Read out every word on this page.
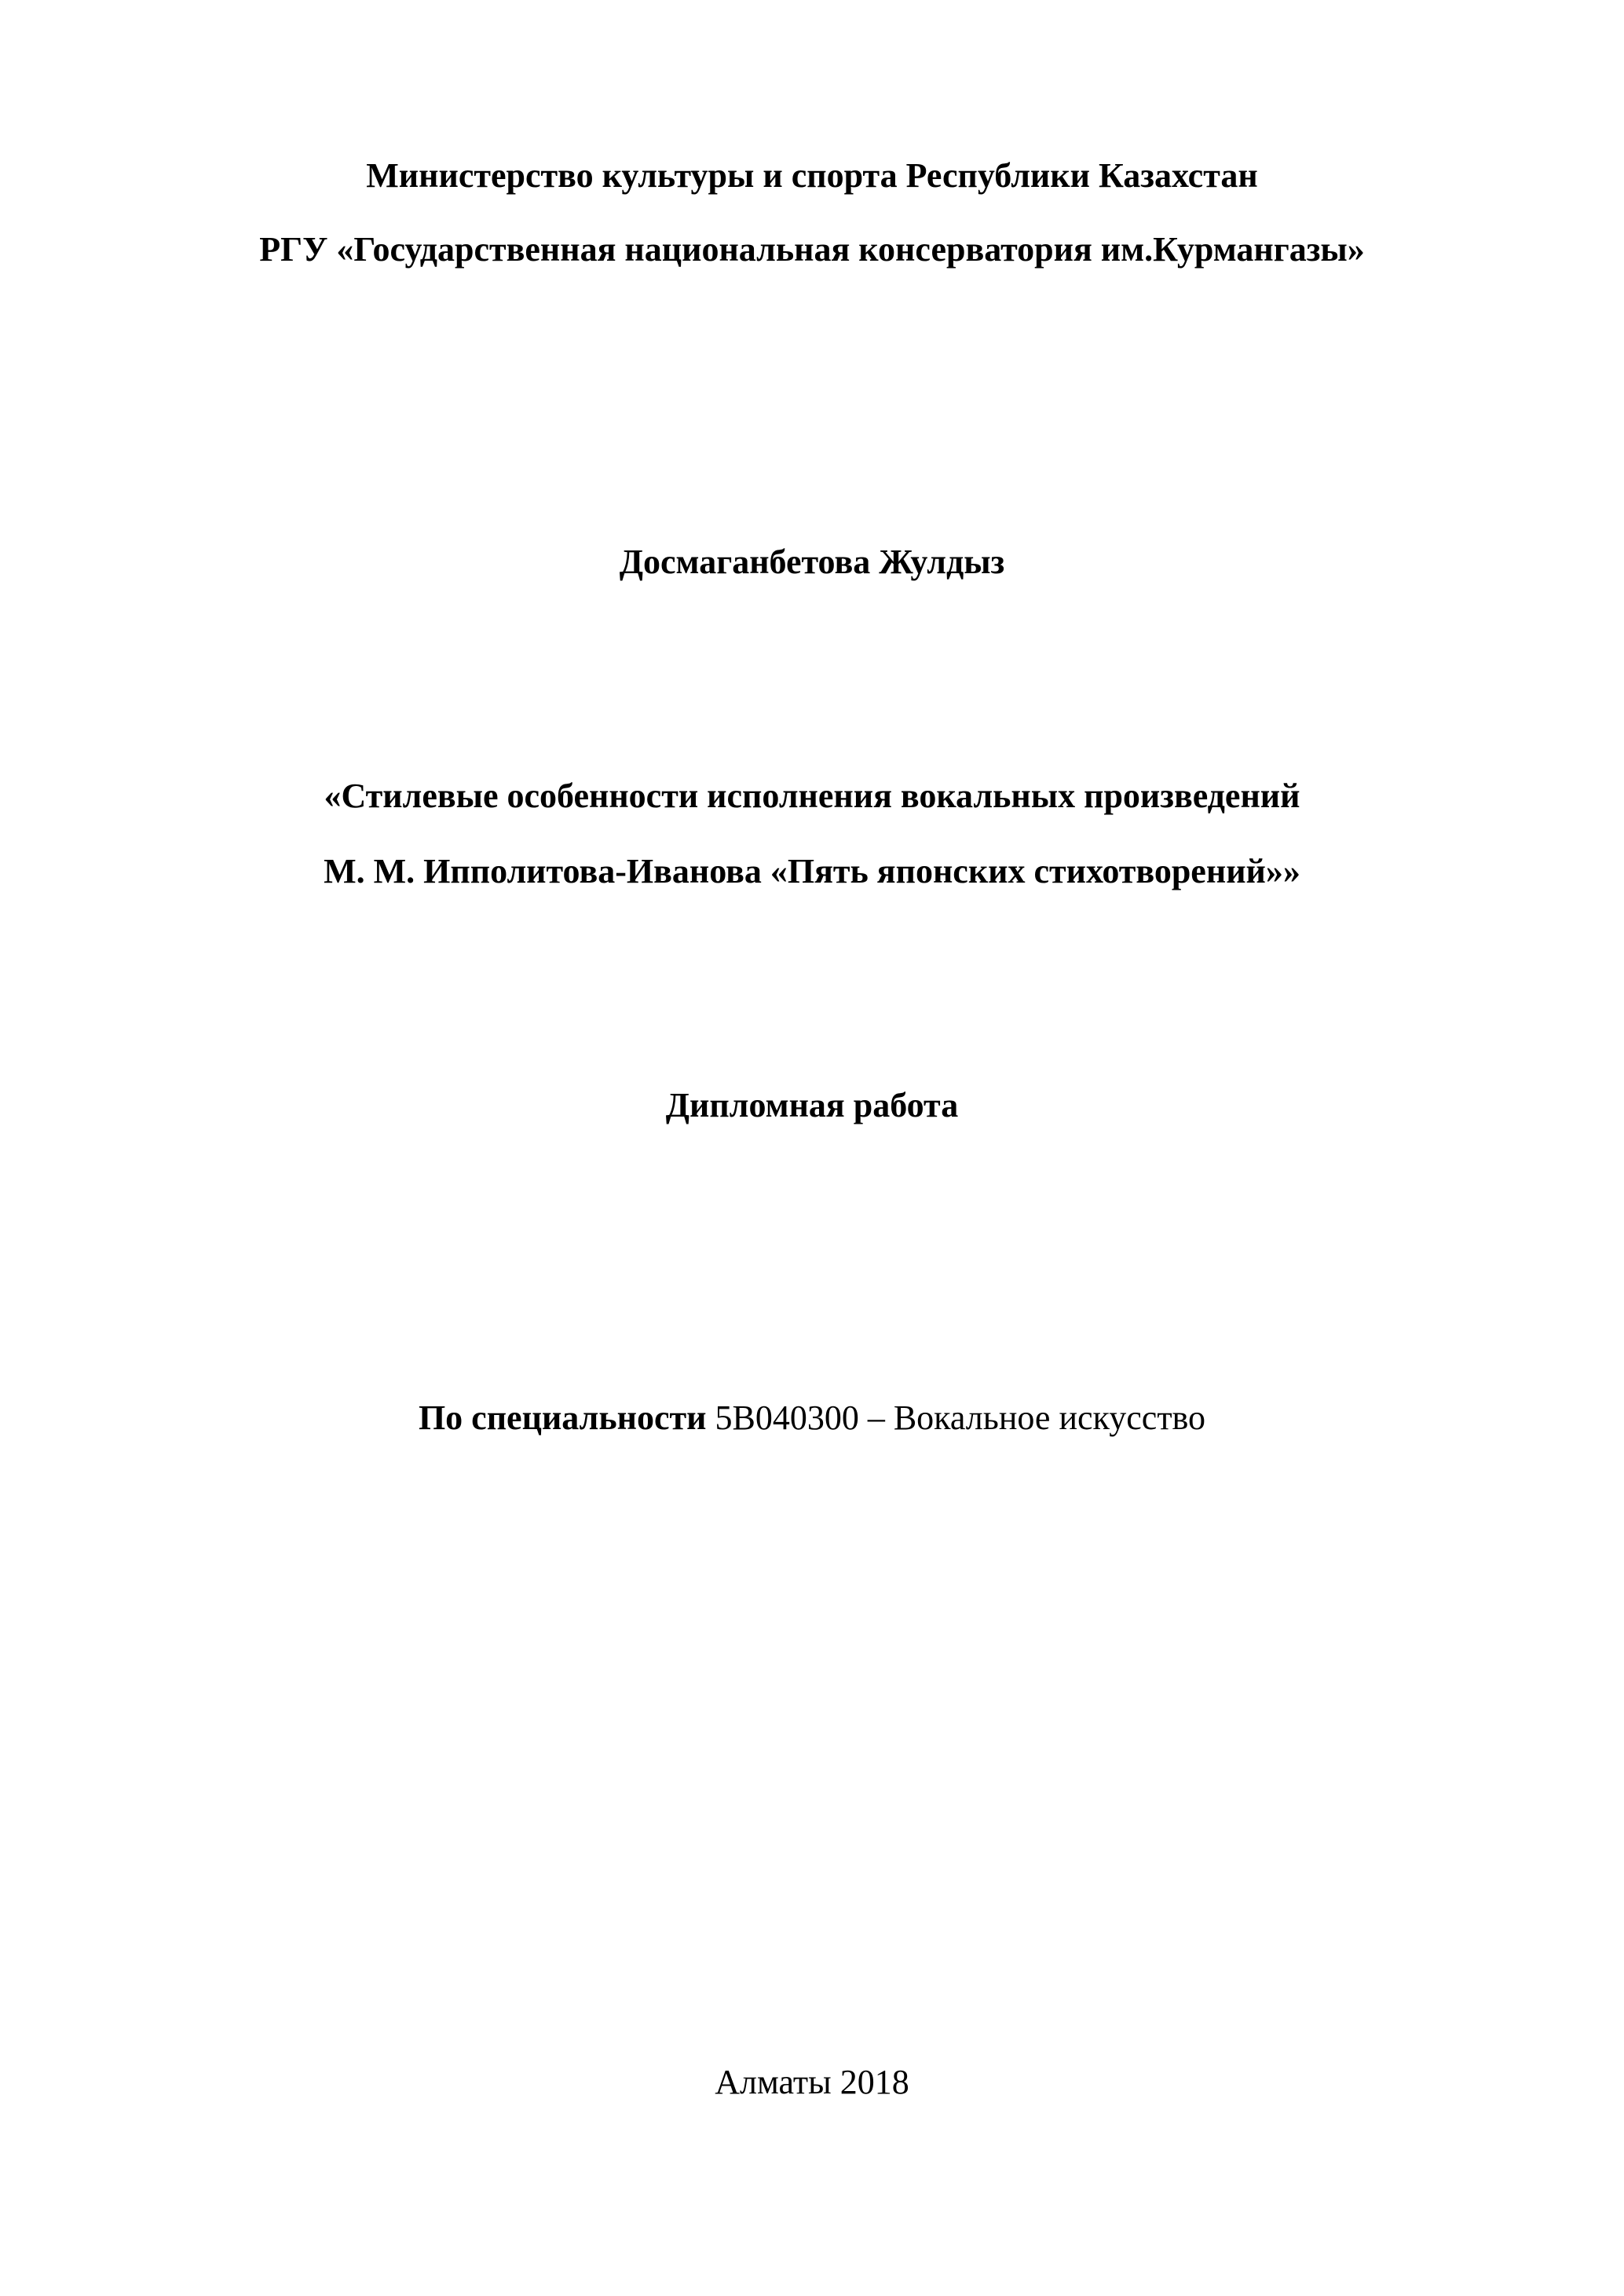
Министерство культуры и спорта Республики Казахстан
РГУ «Государственная национальная консерватория им.Курмангазы»
Досмаганбетова Жулдыз
«Стилевые особенности исполнения вокальных произведений
М. М. Ипполитова-Иванова «Пять японских стихотворений»»
Дипломная работа
По специальности 5В040300 – Вокальное искусство
Алматы 2018
